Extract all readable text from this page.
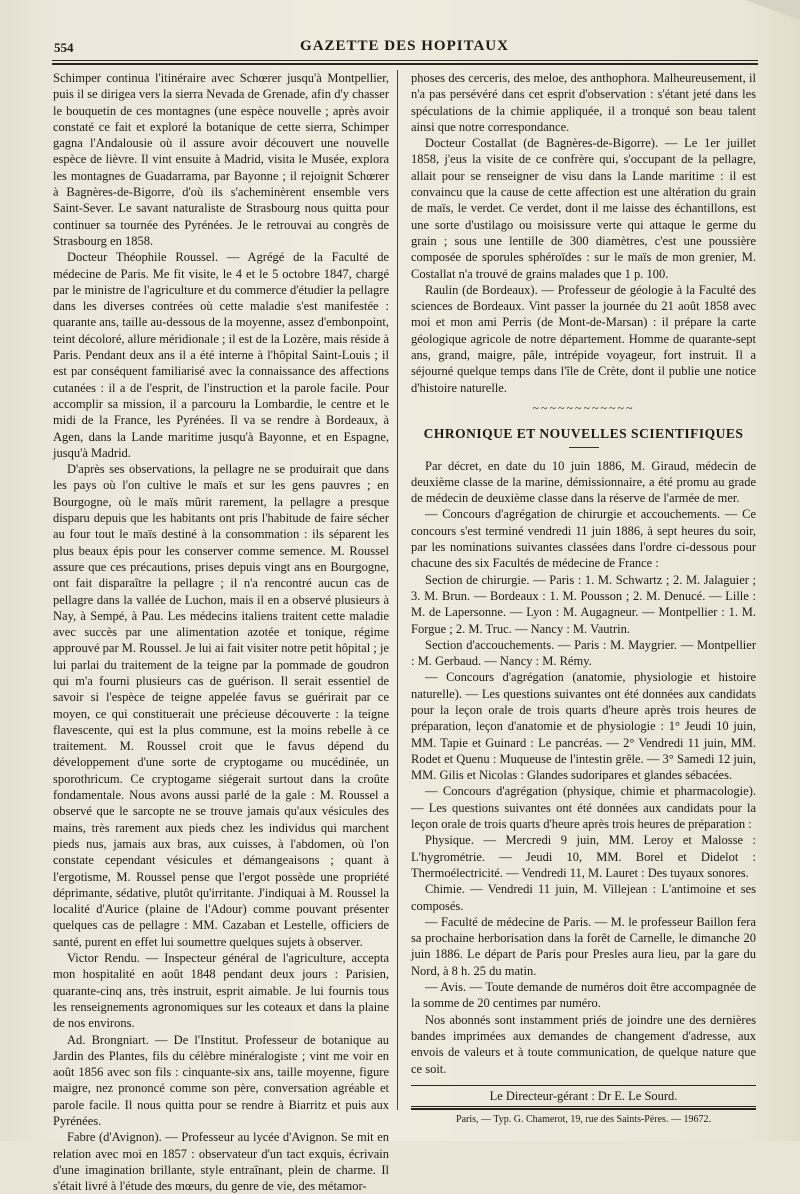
554	GAZETTE DES HOPITAUX

Schimper continua l'itinéraire avec Schœrer jusqu'à Montpellier, puis il se dirigea vers la sierra Nevada de Grenade, afin d'y chasser le bouquetin de ces montagnes (une espèce nouvelle ; après avoir constaté ce fait et exploré la botanique de cette sierra, Schimper gagna l'Andalousie où il assure avoir découvert une nouvelle espèce de lièvre. Il vint ensuite à Madrid, visita le Musée, explora les montagnes de Guadarrama, par Bayonne ; il rejoignit Schœrer à Bagnères-de-Bigorre, d'où ils s'acheminèrent ensemble vers Saint-Sever. Le savant naturaliste de Strasbourg nous quitta pour continuer sa tournée des Pyrénées. Je le retrouvai au congrès de Strasbourg en 1858.

Docteur Théophile Roussel. — Agrégé de la Faculté de médecine de Paris. Me fit visite, le 4 et le 5 octobre 1847, chargé par le ministre de l'agriculture et du commerce d'étudier la pellagre dans les diverses contrées où cette maladie s'est manifestée : quarante ans, taille au-dessous de la moyenne, assez d'embonpoint, teint décoloré, allure méridionale ; il est de la Lozère, mais réside à Paris. Pendant deux ans il a été interne à l'hôpital Saint-Louis ; il est par conséquent familiarisé avec la connaissance des affections cutanées : il a de l'esprit, de l'instruction et la parole facile. Pour accomplir sa mission, il a parcouru la Lombardie, le centre et le midi de la France, les Pyrénées. Il va se rendre à Bordeaux, à Agen, dans la Lande maritime jusqu'à Bayonne, et en Espagne, jusqu'à Madrid.

D'après ses observations, la pellagre ne se produirait que dans les pays où l'on cultive le maïs et sur les gens pauvres ; en Bourgogne, où le maïs mûrit rarement, la pellagre a presque disparu depuis que les habitants ont pris l'habitude de faire sécher au four tout le maïs destiné à la consommation : ils séparent les plus beaux épis pour les conserver comme semence. M. Roussel assure que ces précautions, prises depuis vingt ans en Bourgogne, ont fait disparaître la pellagre ; il n'a rencontré aucun cas de pellagre dans la vallée de Luchon, mais il en a observé plusieurs à Nay, à Sempé, à Pau. Les médecins italiens traitent cette maladie avec succès par une alimentation azotée et tonique, régime approuvé par M. Roussel. Je lui ai fait visiter notre petit hôpital ; je lui parlai du traitement de la teigne par la pommade de goudron qui m'a fourni plusieurs cas de guérison. Il serait essentiel de savoir si l'espèce de teigne appelée favus se guérirait par ce moyen, ce qui constituerait une précieuse découverte : la teigne flavescente, qui est la plus commune, est la moins rebelle à ce traitement. M. Roussel croit que le favus dépend du développement d'une sorte de cryptogame ou mucédinée, un sporothricum. Ce cryptogame siégerait surtout dans la croûte fondamentale. Nous avons aussi parlé de la gale : M. Roussel a observé que le sarcopte ne se trouve jamais qu'aux vésicules des mains, très rarement aux pieds chez les individus qui marchent pieds nus, jamais aux bras, aux cuisses, à l'abdomen, où l'on constate cependant vésicules et démangeaisons ; quant à l'ergotisme, M. Roussel pense que l'ergot possède une propriété déprimante, sédative, plutôt qu'irritante. J'indiquai à M. Roussel la localité d'Aurice (plaine de l'Adour) comme pouvant présenter quelques cas de pellagre : MM. Cazaban et Lestelle, officiers de santé, purent en effet lui soumettre quelques sujets à observer.

Victor Rendu. — Inspecteur général de l'agriculture, accepta mon hospitalité en août 1848 pendant deux jours : Parisien, quarante-cinq ans, très instruit, esprit aimable. Je lui fournis tous les renseignements agronomiques sur les coteaux et dans la plaine de nos environs.

Ad. Brongniart. — De l'Institut. Professeur de botanique au Jardin des Plantes, fils du célèbre minéralogiste ; vint me voir en août 1856 avec son fils : cinquante-six ans, taille moyenne, figure maigre, nez prononcé comme son père, conversation agréable et parole facile. Il nous quitta pour se rendre à Biarritz et puis aux Pyrénées.

Fabre (d'Avignon). — Professeur au lycée d'Avignon. Se mit en relation avec moi en 1857 : observateur d'un tact exquis, écrivain d'une imagination brillante, style entraînant, plein de charme. Il s'était livré à l'étude des mœurs, du genre de vie, des métamor-

phoses des cerceris, des meloe, des anthophora. Malheureusement, il n'a pas persévéré dans cet esprit d'observation : s'étant jeté dans les spéculations de la chimie appliquée, il a tronqué son beau talent ainsi que notre correspondance.

Docteur Costallat (de Bagnères-de-Bigorre). — Le 1er juillet 1858, j'eus la visite de ce confrère qui, s'occupant de la pellagre, allait pour se renseigner de visu dans la Lande maritime : il est convaincu que la cause de cette affection est une altération du grain de maïs, le verdet. Ce verdet, dont il me laisse des échantillons, est une sorte d'ustilago ou moisissure verte qui attaque le germe du grain ; sous une lentille de 300 diamètres, c'est une poussière composée de sporules sphéroïdes : sur le maïs de mon grenier, M. Costallat n'a trouvé de grains malades que 1 p. 100.

Raulin (de Bordeaux). — Professeur de géologie à la Faculté des sciences de Bordeaux. Vint passer la journée du 21 août 1858 avec moi et mon ami Perris (de Mont-de-Marsan) : il prépare la carte géologique agricole de notre département. Homme de quarante-sept ans, grand, maigre, pâle, intrépide voyageur, fort instruit. Il a séjourné quelque temps dans l'île de Crète, dont il publie une notice d'histoire naturelle.

~~~~~~~~~~~~
CHRONIQUE ET NOUVELLES SCIENTIFIQUES

Par décret, en date du 10 juin 1886, M. Giraud, médecin de deuxième classe de la marine, démissionnaire, a été promu au grade de médecin de deuxième classe dans la réserve de l'armée de mer.

— Concours d'agrégation de chirurgie et accouchements. — Ce concours s'est terminé vendredi 11 juin 1886, à sept heures du soir, par les nominations suivantes classées dans l'ordre ci-dessous pour chacune des six Facultés de médecine de France :

Section de chirurgie. — Paris : 1. M. Schwartz ; 2. M. Jalaguier ; 3. M. Brun. — Bordeaux : 1. M. Pousson ; 2. M. Denucé. — Lille : M. de Lapersonne. — Lyon : M. Augagneur. — Montpellier : 1. M. Forgue ; 2. M. Truc. — Nancy : M. Vautrin.

Section d'accouchements. — Paris : M. Maygrier. — Montpellier : M. Gerbaud. — Nancy : M. Rémy.

— Concours d'agrégation (anatomie, physiologie et histoire naturelle). — Les questions suivantes ont été données aux candidats pour la leçon orale de trois quarts d'heure après trois heures de préparation, leçon d'anatomie et de physiologie : 1° Jeudi 10 juin, MM. Tapie et Guinard : Le pancréas. — 2° Vendredi 11 juin, MM. Rodet et Quenu : Muqueuse de l'intestin grêle. — 3° Samedi 12 juin, MM. Gilis et Nicolas : Glandes sudoripares et glandes sébacées.

— Concours d'agrégation (physique, chimie et pharmacologie). — Les questions suivantes ont été données aux candidats pour la leçon orale de trois quarts d'heure après trois heures de préparation :

Physique. — Mercredi 9 juin, MM. Leroy et Malosse : L'hygrométrie. — Jeudi 10, MM. Borel et Didelot : Thermoélectricité. — Vendredi 11, M. Lauret : Des tuyaux sonores.

Chimie. — Vendredi 11 juin, M. Villejean : L'antimoine et ses composés.

— Faculté de médecine de Paris. — M. le professeur Baillon fera sa prochaine herborisation dans la forêt de Carnelle, le dimanche 20 juin 1886. Le départ de Paris pour Presles aura lieu, par la gare du Nord, à 8 h. 25 du matin.

— Avis. — Toute demande de numéros doit être accompagnée de la somme de 20 centimes par numéro.

Nos abonnés sont instamment priés de joindre une des dernières bandes imprimées aux demandes de changement d'adresse, aux envois de valeurs et à toute communication, de quelque nature que ce soit.

Le Directeur-gérant : Dr E. Le Sourd.
Paris, — Typ. G. Chamerot, 19, rue des Saints-Pères. — 19672.
